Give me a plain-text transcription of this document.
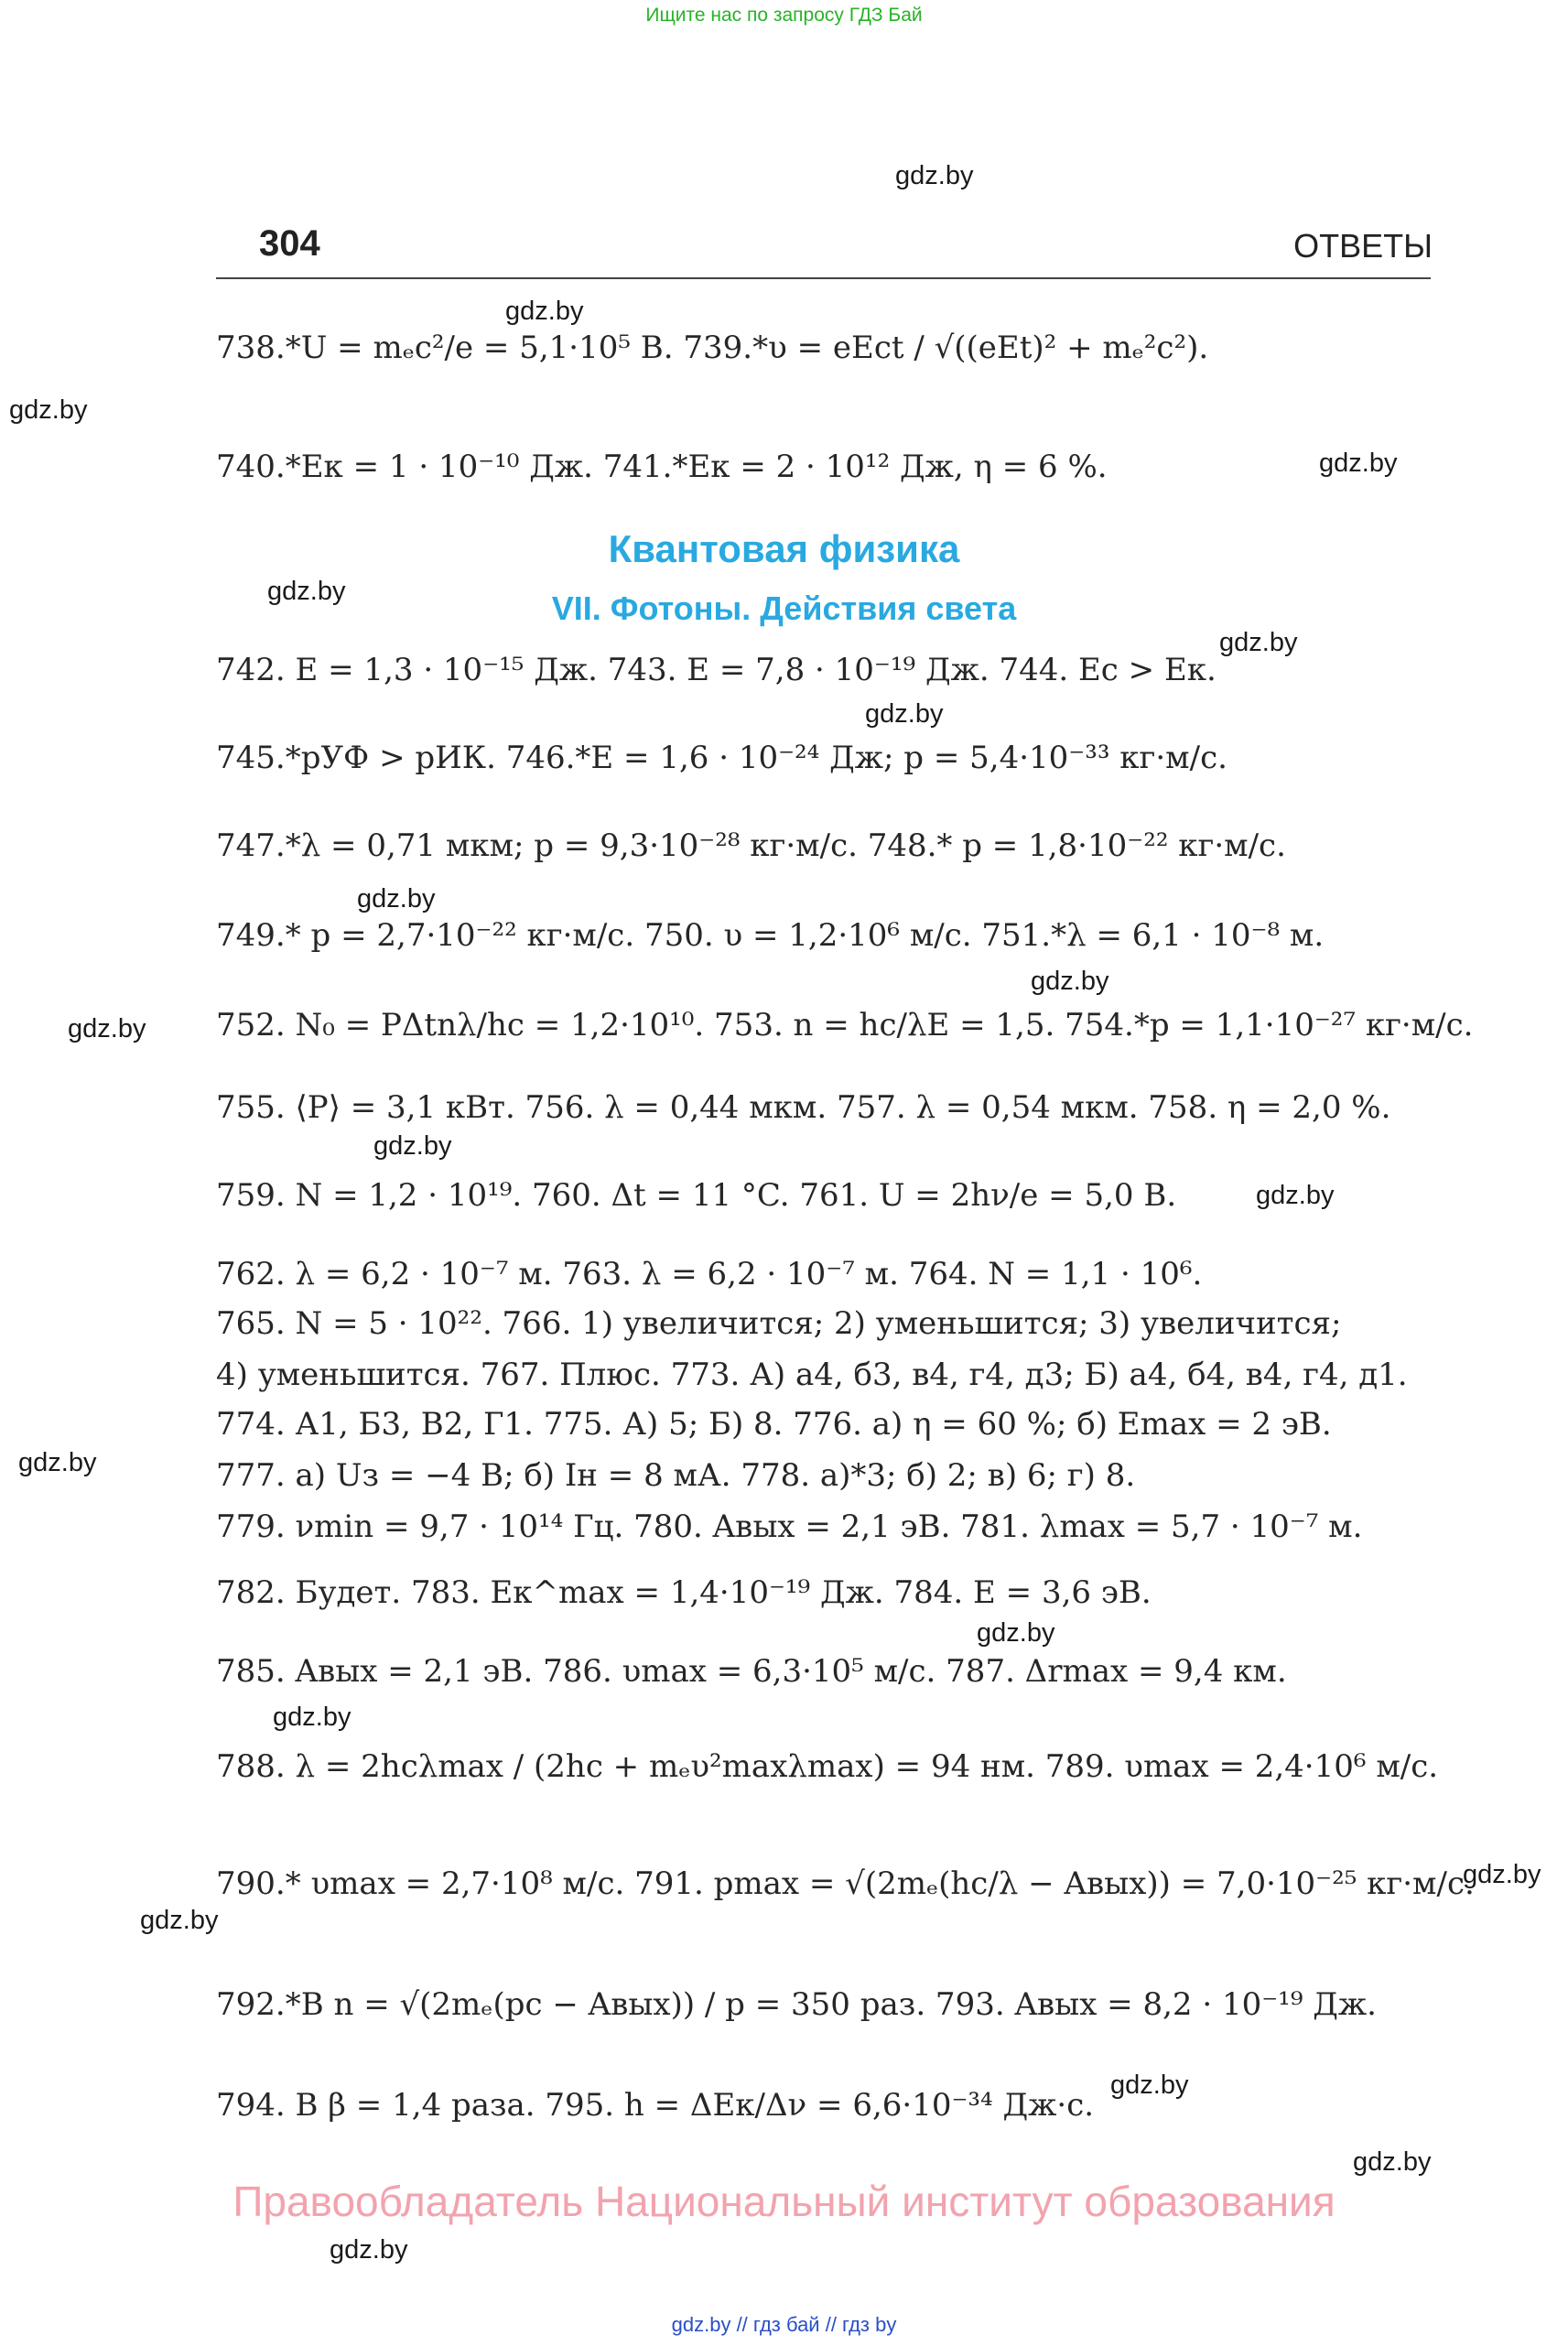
Ищите нас по запросу ГДЗ Бай
gdz.by
gdz.by
gdz.by
gdz.by
gdz.by
gdz.by
gdz.by
gdz.by
gdz.by
gdz.by
gdz.by
gdz.by
gdz.by
gdz.by
gdz.by
gdz.by
gdz.by
gdz.by
gdz.by
gdz.by
304	ОТВЕТЫ
738.*U = mₑc²/e = 5,1·10⁵ В. 739.*υ = eEct / √((eEt)² + mₑ²c²).
740.*Eк = 1 · 10⁻¹⁰ Дж. 741.*Eк = 2 · 10¹² Дж, η = 6 %.
Квантовая физика
VII. Фотоны. Действия света
742. E = 1,3 · 10⁻¹⁵ Дж. 743. E = 7,8 · 10⁻¹⁹ Дж. 744. Ec > Eк.
745.*pУФ > pИК. 746.*E = 1,6 · 10⁻²⁴ Дж; p = 5,4·10⁻³³ кг·м/с.
747.*λ = 0,71 мкм; p = 9,3·10⁻²⁸ кг·м/с. 748.* p = 1,8·10⁻²² кг·м/с.
749.* p = 2,7·10⁻²² кг·м/с. 750. υ = 1,2·10⁶ м/с. 751.*λ = 6,1 · 10⁻⁸ м.
752. N₀ = PΔtnλ/hc = 1,2·10¹⁰. 753. n = hc/λE = 1,5. 754.*p = 1,1·10⁻²⁷ кг·м/с.
755. ⟨P⟩ = 3,1 кВт. 756. λ = 0,44 мкм. 757. λ = 0,54 мкм. 758. η = 2,0 %.
759. N = 1,2 · 10¹⁹. 760. Δt = 11 °C. 761. U = 2hν/e = 5,0 В.
762. λ = 6,2 · 10⁻⁷ м. 763. λ = 6,2 · 10⁻⁷ м. 764. N = 1,1 · 10⁶.
765. N = 5 · 10²². 766. 1) увеличится; 2) уменьшится; 3) увеличится;
4) уменьшится. 767. Плюс. 773. А) а4, б3, в4, г4, д3; Б) а4, б4, в4, г4, д1.
774. А1, Б3, В2, Г1. 775. А) 5; Б) 8. 776. а) η = 60 %; б) Emax = 2 эВ.
777. а) Uз = −4 В; б) Iн = 8 мА. 778. а)*3; б) 2; в) 6; г) 8.
779. νmin = 9,7 · 10¹⁴ Гц. 780. Aвых = 2,1 эВ. 781. λmax = 5,7 · 10⁻⁷ м.
782. Будет. 783. Eк^max = 1,4·10⁻¹⁹ Дж. 784. E = 3,6 эВ.
785. Aвых = 2,1 эВ. 786. υmax = 6,3·10⁵ м/с. 787. Δrmax = 9,4 км.
788. λ = 2hcλmax / (2hc + mₑυ²maxλmax) = 94 нм. 789. υmax = 2,4·10⁶ м/с.
790.* υmax = 2,7·10⁸ м/с. 791. pmax = √(2mₑ(hc/λ − Aвых)) = 7,0·10⁻²⁵ кг·м/с.
792.*В n = √(2mₑ(pc − Aвых)) / p = 350 раз. 793. Aвых = 8,2 · 10⁻¹⁹ Дж.
794. В β = 1,4 раза. 795. h = ΔEк/Δν = 6,6·10⁻³⁴ Дж·с.
Правообладатель Национальный институт образования
gdz.by // гдз бай // гдз by
